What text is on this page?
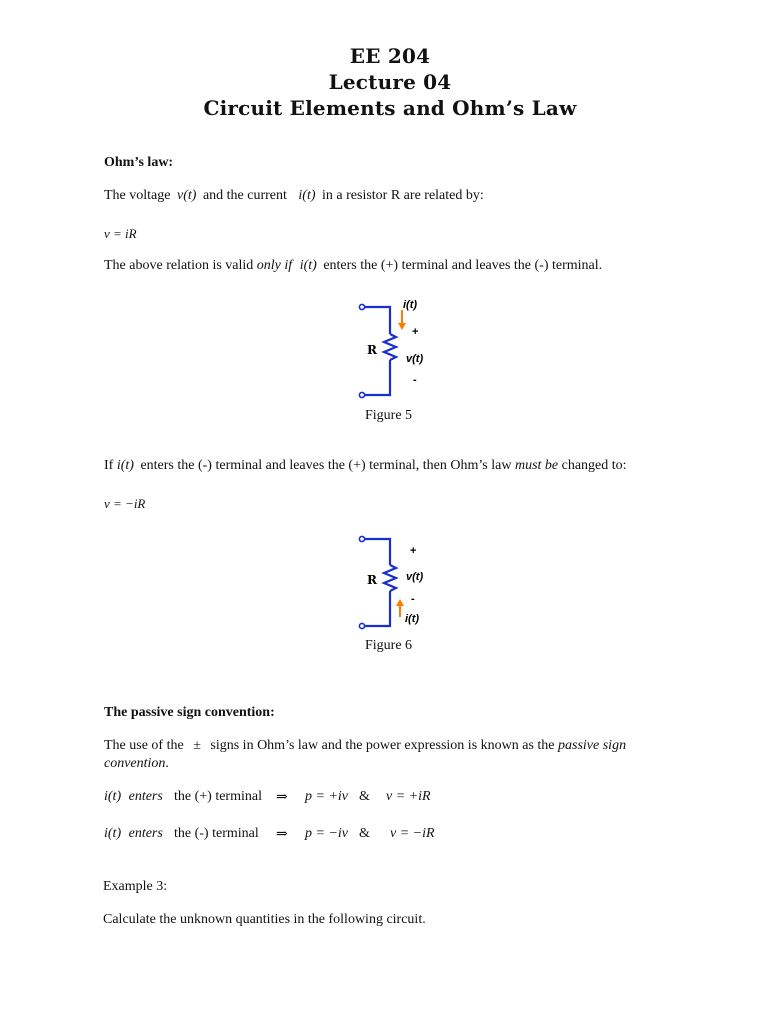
EE 204
Lecture 04
Circuit Elements and Ohm’s Law
Ohm’s law:
The voltage v(t) and the current i(t) in a resistor R are related by:
v = iR
The above relation is valid only if i(t) enters the (+) terminal and leaves the (-) terminal.
i(t)
+
R
v(t)
-
Figure 5
If i(t) enters the (-) terminal and leaves the (+) terminal, then Ohm’s law must be changed to:
v = −iR
+
R	v(t)
-
i(t)
Figure 6
The passive sign convention:
The use of the ± signs in Ohm’s law and the power expression is known as the passive sign
convention.
i(t) enters the (+) terminal ⇒ p = +iv & v = +iR
i(t) enters the (-) terminal ⇒ p = −iv & v = −iR
Example 3:
Calculate the unknown quantities in the following circuit.
